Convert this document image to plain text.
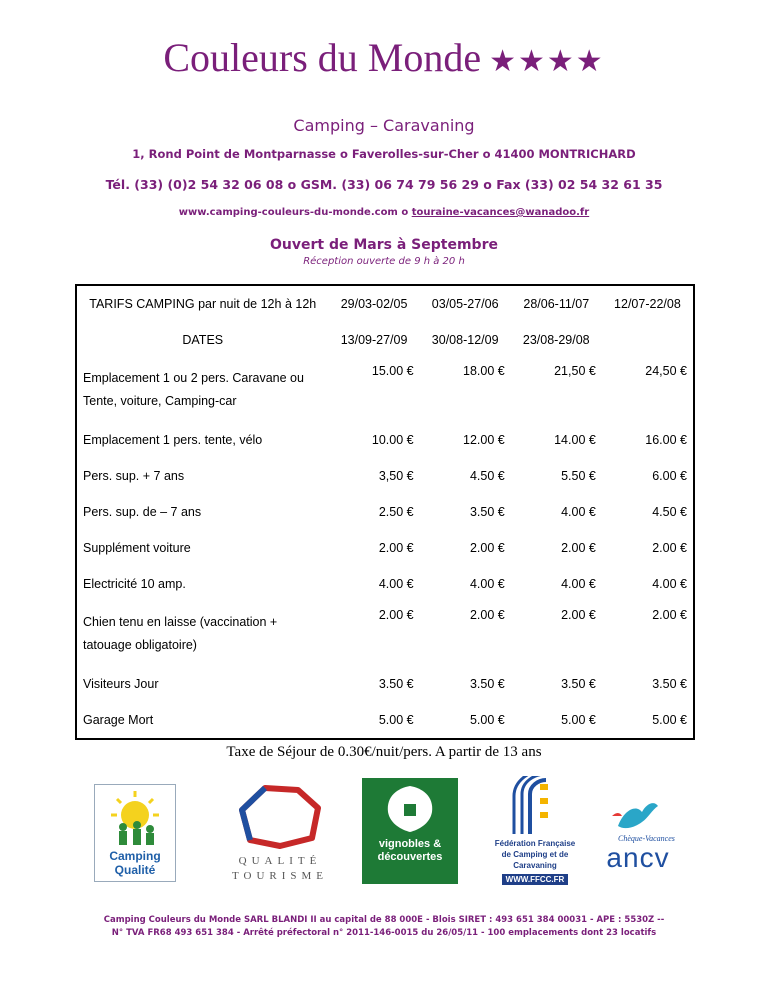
Couleurs du Monde ★★★★
Camping – Caravaning
1, Rond Point de Montparnasse o Faverolles-sur-Cher o 41400 MONTRICHARD
Tél. (33) (0)2 54 32 06 08 o GSM. (33) 06 74 79 56 29 o Fax (33) 02 54 32 61 35
www.camping-couleurs-du-monde.com o touraine-vacances@wanadoo.fr
Ouvert de Mars à Septembre
Réception ouverte de 9 h à 20 h
TARIFS CAMPING par nuit de 12h à 12h	29/03-02/05	03/05-27/06	28/06-11/07	12/07-22/08
DATES	13/09-27/09	30/08-12/09	23/08-29/08	
Emplacement 1 ou 2 pers. Caravane ou Tente, voiture, Camping-car	15.00 €	18.00 €	21,50 €	24,50 €
Emplacement 1 pers. tente, vélo	10.00 €	12.00 €	14.00 €	16.00 €
Pers. sup. + 7 ans	3,50 €	4.50 €	5.50 €	6.00 €
Pers. sup. de – 7 ans	2.50 €	3.50 €	4.00 €	4.50 €
Supplément voiture	2.00 €	2.00 €	2.00 €	2.00 €
Electricité 10 amp.	4.00 €	4.00 €	4.00 €	4.00 €
Chien tenu en laisse (vaccination + tatouage obligatoire)	2.00 €	2.00 €	2.00 €	2.00 €
Visiteurs Jour	3.50 €	3.50 €	3.50 €	3.50 €
Garage Mort	5.00 €	5.00 €	5.00 €	5.00 €
Taxe de Séjour de 0.30€/nuit/pers. A partir de 13 ans
Camping
Qualité
QUALITÉ
TOURISME
vignobles &
découvertes
Fédération Française
de Camping et de Caravaning
WWW.FFCC.FR
Chèque-Vacances
ancv
Camping Couleurs du Monde SARL BLANDI II au capital de 88 000E - Blois SIRET : 493 651 384 00031 - APE : 5530Z --
N° TVA FR68 493 651 384 - Arrêté préfectoral n° 2011-146-0015 du 26/05/11 - 100 emplacements dont 23 locatifs
